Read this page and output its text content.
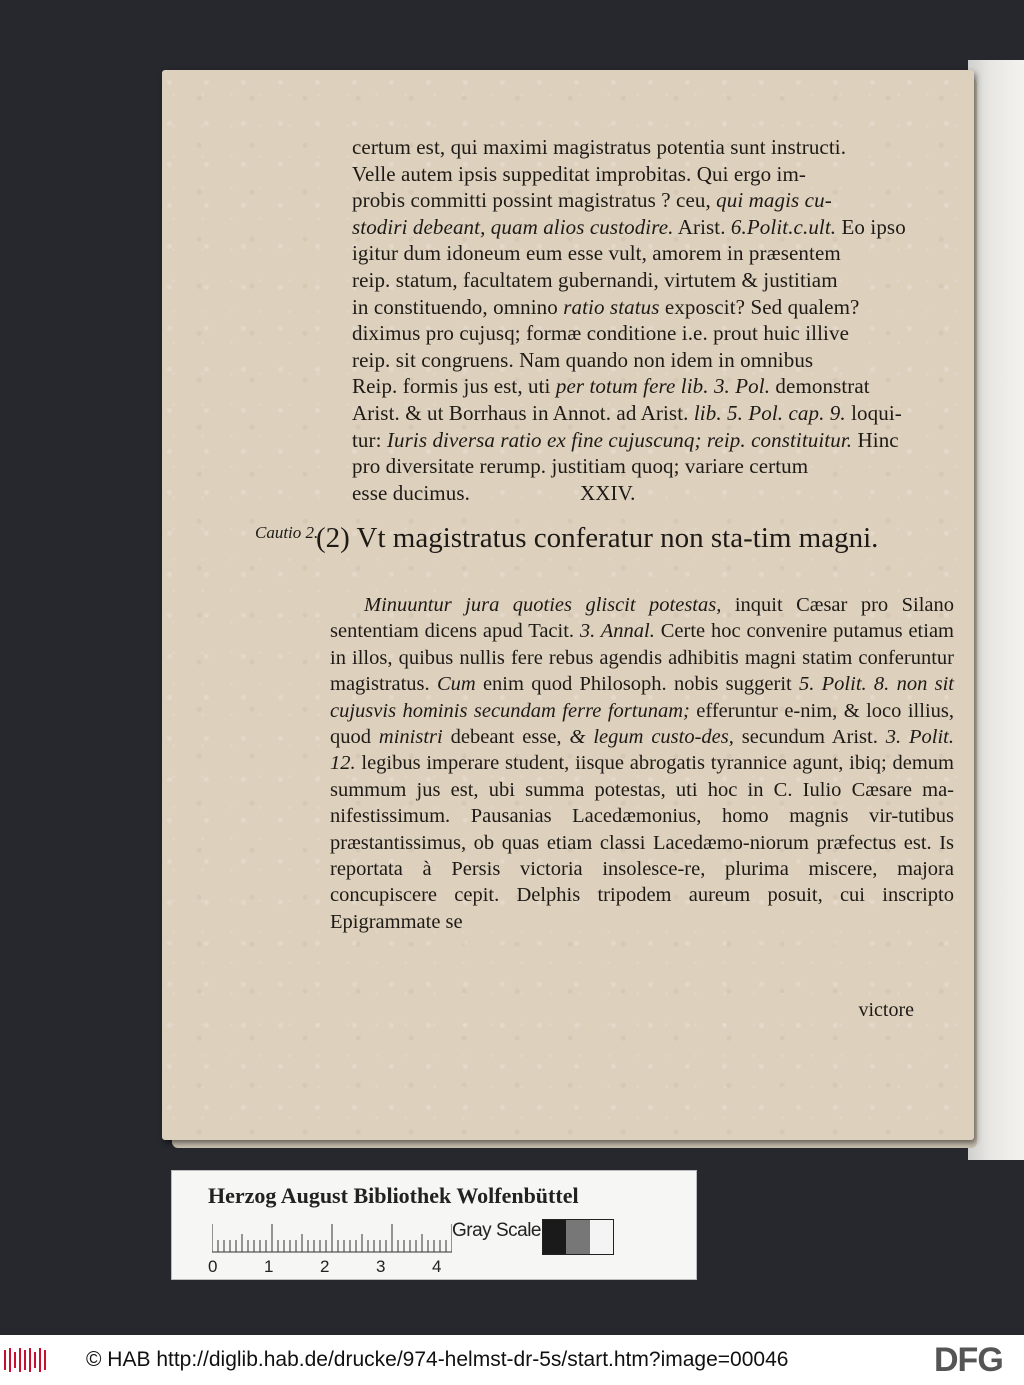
certum est, qui maximi magistratus potentia sunt instructi.

Velle autem ipsis suppeditat improbitas. Qui ergo im-

probis committi possint magistratus ? ceu, qui magis cu-

stodiri debeant, quam alios custodire. Arist. 6.Polit.c.ult. Eo ipso

igitur dum idoneum eum esse vult, amorem in præsentem

reip. statum, facultatem gubernandi, virtutem & justitiam

in constituendo, omnino ratio status exposcit? Sed qualem?

diximus pro cujusq; formæ conditione i.e. prout huic illive

reip. sit congruens. Nam quando non idem in omnibus

Reip. formis jus est, uti per totum fere lib. 3. Pol. demonstrat

Arist. & ut Borrhaus in Annot. ad Arist. lib. 5. Pol. cap. 9. loqui-

tur: Iuris diversa ratio ex fine cujuscunq; reip. constituitur. Hinc

pro diversitate rerump. justitiam quoq; variare certum

esse ducimus.	XXIV.

Cautio 2.
(2) Vt magistratus conferatur non sta-tim magni.

Minuuntur jura quoties gliscit potestas, inquit Cæsar pro Silano sententiam dicens apud Tacit. 3. Annal. Certe hoc convenire putamus etiam in illos, quibus nullis fere rebus agendis adhibitis magni statim conferuntur magistratus. Cum enim quod Philosoph. nobis suggerit 5. Polit. 8. non sit cujusvis hominis secundam ferre fortunam; efferuntur e-nim, & loco illius, quod ministri debeant esse, & legum custo-des, secundum Arist. 3. Polit. 12. legibus imperare student, iisque abrogatis tyrannice agunt, ibiq; demum summum jus est, ubi summa potestas, uti hoc in C. Iulio Cæsare ma-nifestissimum. Pausanias Lacedæmonius, homo magnis vir-tutibus præstantissimus, ob quas etiam classi Lacedæmo-niorum præfectus est. Is reportata à Persis victoria insolesce-re, plurima miscere, majora concupiscere cepit. Delphis tripodem aureum posuit, cui inscripto Epigrammate se

victore
Herzog August Bibliothek Wolfenbüttel
0	1	2	3	4
Gray Scale
© HAB http://diglib.hab.de/drucke/974-helmst-dr-5s/start.htm?image=00046	DFG
